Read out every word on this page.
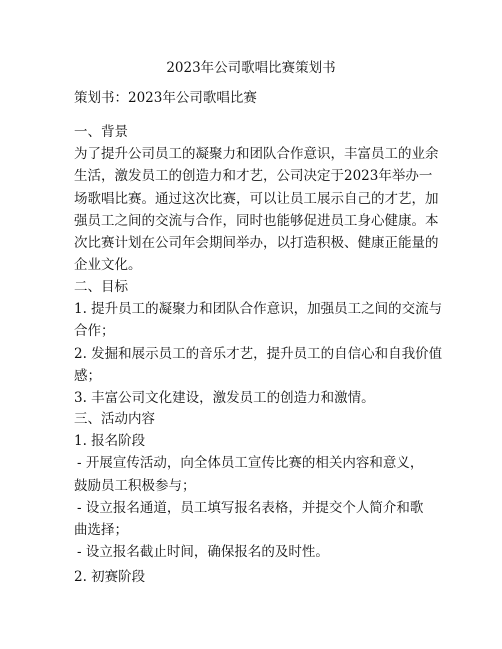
2023年公司歌唱比赛策划书
策划书：2023年公司歌唱比赛
一、背景
为了提升公司员工的凝聚力和团队合作意识，丰富员工的业余
生活，激发员工的创造力和才艺，公司决定于2023年举办一
场歌唱比赛。通过这次比赛，可以让员工展示自己的才艺，加
强员工之间的交流与合作，同时也能够促进员工身心健康。本
次比赛计划在公司年会期间举办，以打造积极、健康正能量的
企业文化。
二、目标
1. 提升员工的凝聚力和团队合作意识，加强员工之间的交流与
合作；
2. 发掘和展示员工的音乐才艺，提升员工的自信心和自我价值
感；
3. 丰富公司文化建设，激发员工的创造力和激情。
三、活动内容
1. 报名阶段
- 开展宣传活动，向全体员工宣传比赛的相关内容和意义，
鼓励员工积极参与；
- 设立报名通道，员工填写报名表格，并提交个人简介和歌
曲选择；
- 设立报名截止时间，确保报名的及时性。
2. 初赛阶段
